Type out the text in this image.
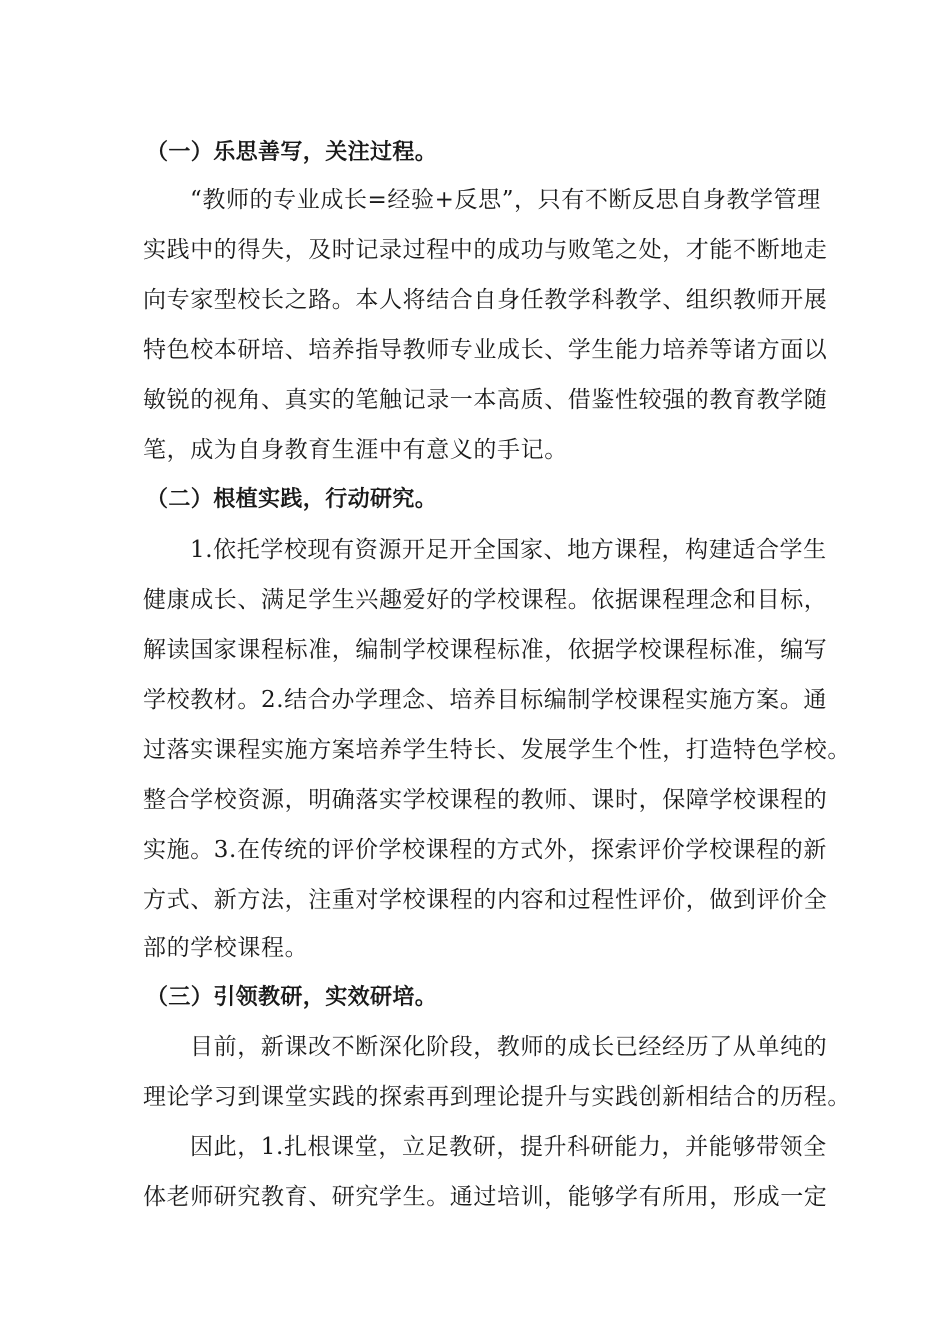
（一）乐思善写，关注过程。
“教师的专业成长=经验+反思”，只有不断反思自身教学管理
实践中的得失，及时记录过程中的成功与败笔之处，才能不断地走
向专家型校长之路。本人将结合自身任教学科教学、组织教师开展
特色校本研培、培养指导教师专业成长、学生能力培养等诸方面以
敏锐的视角、真实的笔触记录一本高质、借鉴性较强的教育教学随
笔，成为自身教育生涯中有意义的手记。
（二）根植实践，行动研究。
1.依托学校现有资源开足开全国家、地方课程，构建适合学生
健康成长、满足学生兴趣爱好的学校课程。依据课程理念和目标，
解读国家课程标准，编制学校课程标准，依据学校课程标准，编写
学校教材。2.结合办学理念、培养目标编制学校课程实施方案。通
过落实课程实施方案培养学生特长、发展学生个性，打造特色学校。
整合学校资源，明确落实学校课程的教师、课时，保障学校课程的
实施。3.在传统的评价学校课程的方式外，探索评价学校课程的新
方式、新方法，注重对学校课程的内容和过程性评价，做到评价全
部的学校课程。
（三）引领教研，实效研培。
目前，新课改不断深化阶段，教师的成长已经经历了从单纯的
理论学习到课堂实践的探索再到理论提升与实践创新相结合的历程。
因此，1.扎根课堂，立足教研，提升科研能力，并能够带领全
体老师研究教育、研究学生。通过培训，能够学有所用，形成一定
